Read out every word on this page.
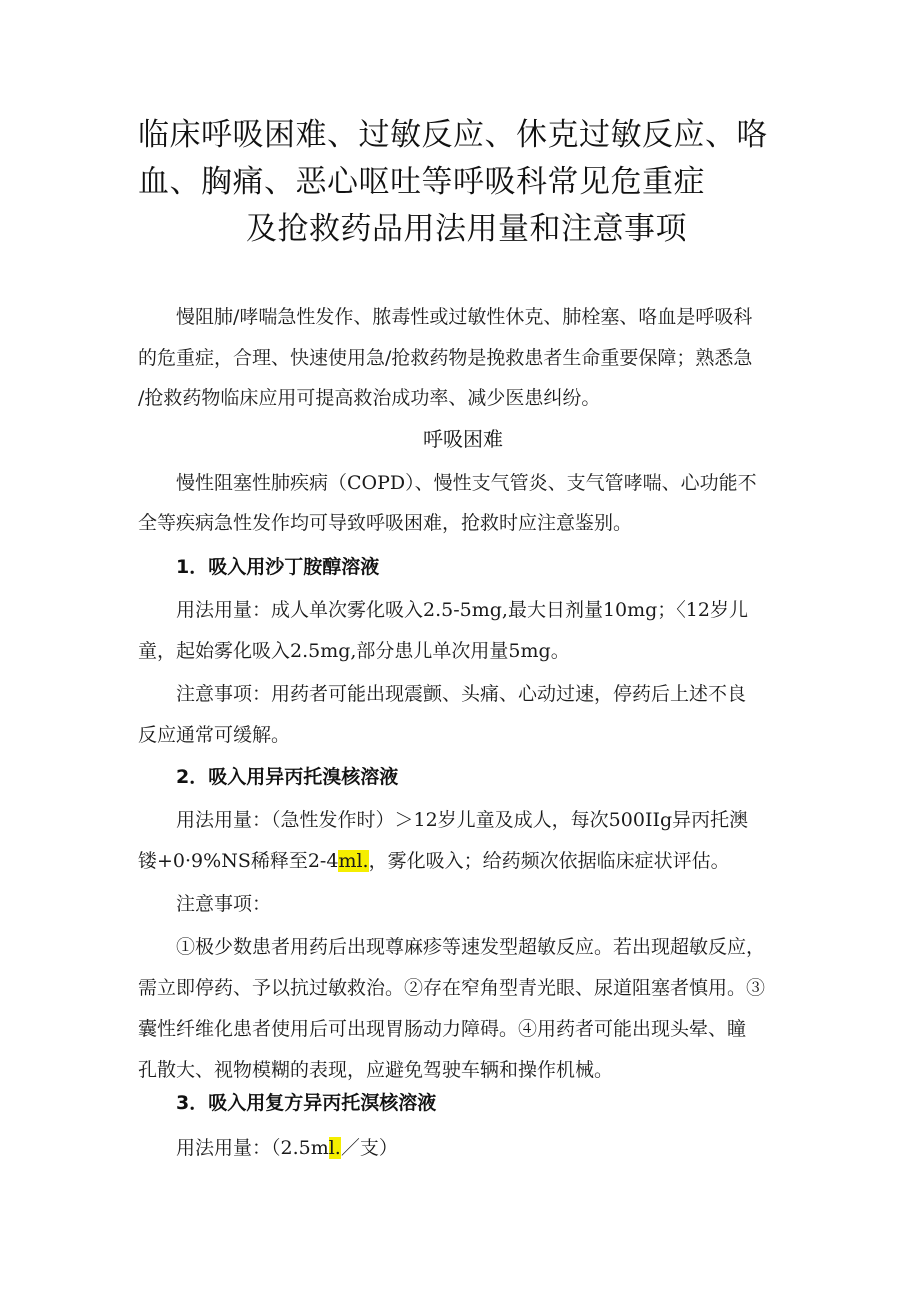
临床呼吸困难、过敏反应、休克过敏反应、咯
血、胸痛、恶心呕吐等呼吸科常见危重症
及抢救药品用法用量和注意事项
慢阻肺/哮喘急性发作、脓毒性或过敏性休克、肺栓塞、咯血是呼吸科
的危重症，合理、快速使用急/抢救药物是挽救患者生命重要保障；熟悉急
/抢救药物临床应用可提高救治成功率、减少医患纠纷。
呼吸困难
慢性阻塞性肺疾病（COPD）、慢性支气管炎、支气管哮喘、心功能不
全等疾病急性发作均可导致呼吸困难，抢救时应注意鉴别。
1．吸入用沙丁胺醇溶液
用法用量：成人单次雾化吸入2.5-5mg,最大日剂量10mg；〈12岁儿
童，起始雾化吸入2.5mg,部分患儿单次用量5mg。
注意事项：用药者可能出现震颤、头痛、心动过速，停药后上述不良
反应通常可缓解。
2．吸入用异丙托溴核溶液
用法用量：（急性发作时）＞12岁儿童及成人，每次500IIg异丙托澳
镂+0·9%NS稀释至2-4ml.，雾化吸入；给药频次依据临床症状评估。
注意事项：
①极少数患者用药后出现尊麻疹等速发型超敏反应。若出现超敏反应，
需立即停药、予以抗过敏救治。②存在窄角型青光眼、尿道阻塞者慎用。③
囊性纤维化患者使用后可出现胃肠动力障碍。④用药者可能出现头晕、瞳
孔散大、视物模糊的表现，应避免驾驶车辆和操作机械。
3．吸入用复方异丙托溟核溶液
用法用量：（2.5ml.／支）
